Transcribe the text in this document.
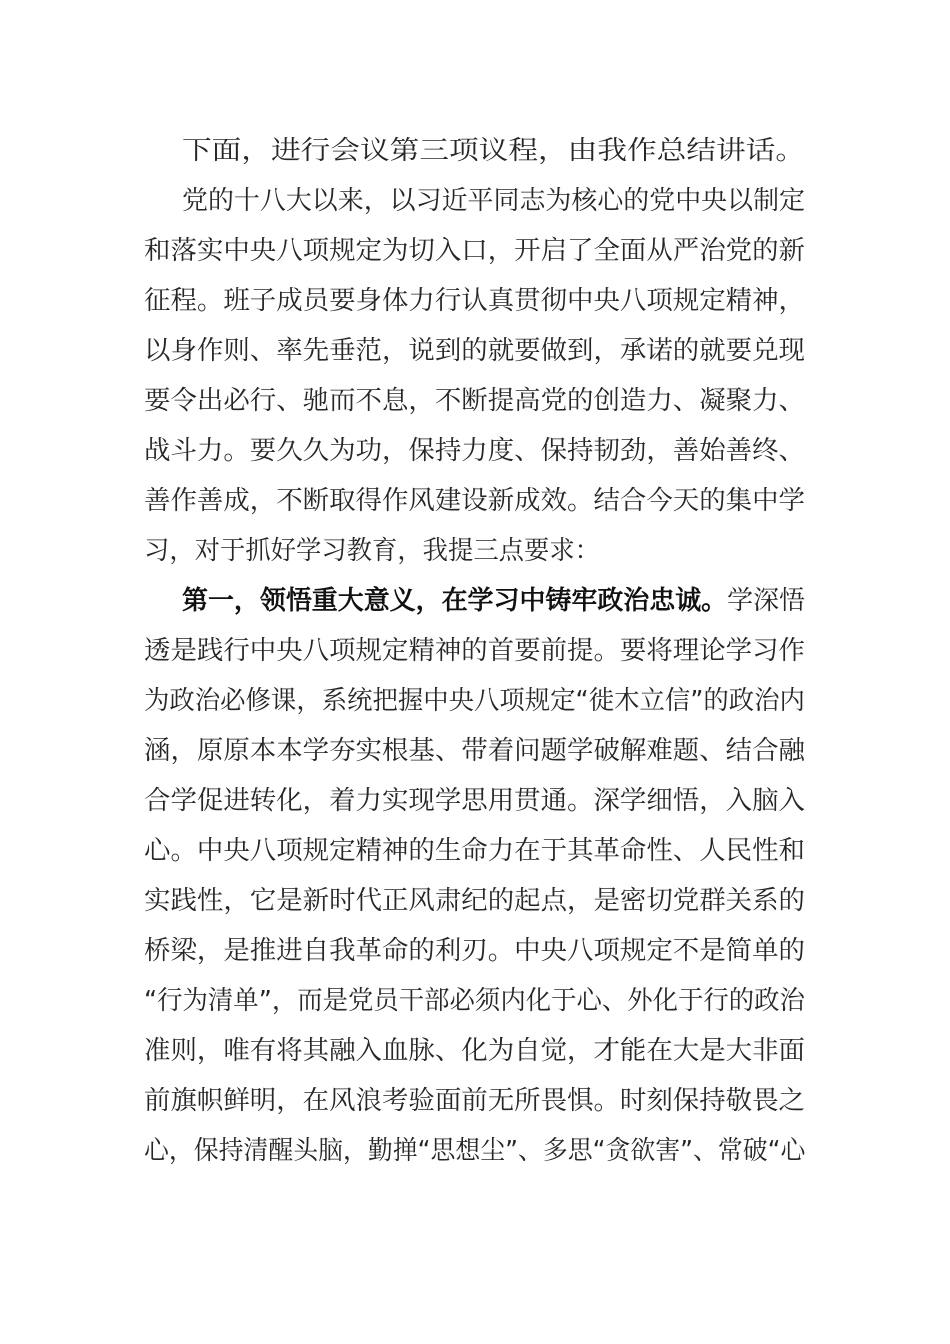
下面，进行会议第三项议程，由我作总结讲话。
党的十八大以来，以习近平同志为核心的党中央以制定
和落实中央八项规定为切入口，开启了全面从严治党的新
征程。班子成员要身体力行认真贯彻中央八项规定精神，
以身作则、率先垂范，说到的就要做到，承诺的就要兑现
要令出必行、驰而不息，不断提高党的创造力、凝聚力、
战斗力。要久久为功，保持力度、保持韧劲，善始善终、
善作善成，不断取得作风建设新成效。结合今天的集中学
习，对于抓好学习教育，我提三点要求：
第一，领悟重大意义，在学习中铸牢政治忠诚。学深悟
透是践行中央八项规定精神的首要前提。要将理论学习作
为政治必修课，系统把握中央八项规定“徙木立信”的政治内
涵，原原本本学夯实根基、带着问题学破解难题、结合融
合学促进转化，着力实现学思用贯通。深学细悟，入脑入
心。中央八项规定精神的生命力在于其革命性、人民性和
实践性，它是新时代正风肃纪的起点，是密切党群关系的
桥梁，是推进自我革命的利刃。中央八项规定不是简单的
“行为清单”，而是党员干部必须内化于心、外化于行的政治
准则，唯有将其融入血脉、化为自觉，才能在大是大非面
前旗帜鲜明，在风浪考验面前无所畏惧。时刻保持敬畏之
心，保持清醒头脑，勤掸“思想尘”、多思“贪欲害”、常破“心
